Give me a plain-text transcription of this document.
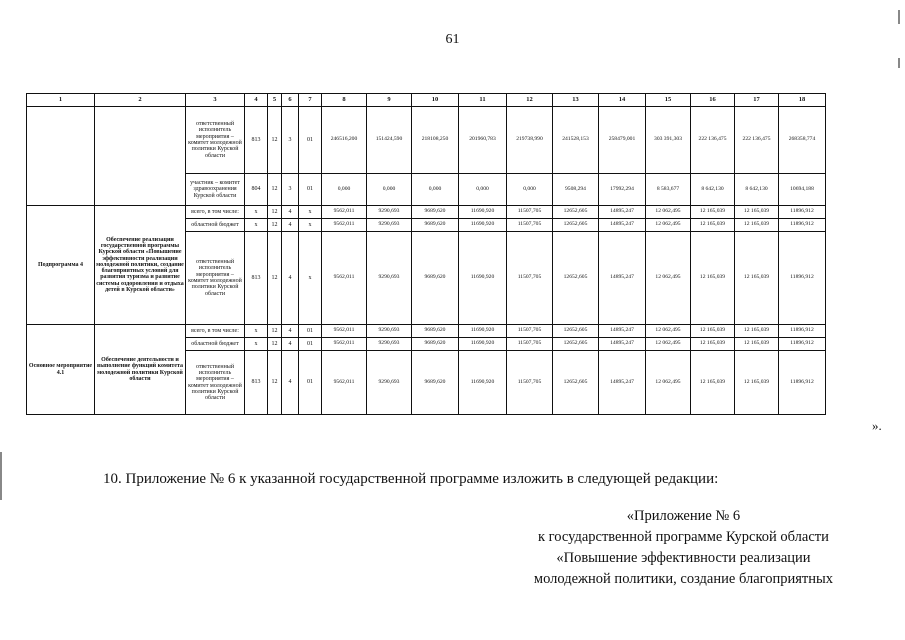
61
1	2	3	4	5	6	7	8	9	10	11	12	13	14	15	16	17	18
		ответственный исполнитель мероприятия – комитет молодежной политики Курской области	813	12	3	01	246516,200	151424,590	218108,250	201960,783	219738,990	241528,153	258479,001	303 391,303	222 136,475	222 136,475	268358,774
		участник – комитет здравоохранения Курской области	804	12	3	01	0,000	0,000	0,000	0,000	0,000	9508,294	17992,294	8 583,677	8 642,130	8 642,130	10694,188
Подпрограмма 4	Обеспечение реализации государственной программы Курской области «Повышение эффективности реализации молодежной политики, создание благоприятных условий для развития туризма и развитие системы оздоровления и отдыха детей в Курской области»	всего, в том числе:	x	12	4	x	9562,011	9290,693	9689,620	11690,920	11507,705	12652,605	14895,247	12 062,495	12 165,039	12 165,039	11896,912
		областной бюджет	x	12	4	x	9562,011	9290,693	9689,620	11690,920	11507,705	12652,605	14895,247	12 062,495	12 165,039	12 165,039	11896,912
		ответственный исполнитель мероприятия – комитет молодежной политики Курской области	813	12	4	x	9562,011	9290,693	9689,620	11690,920	11507,705	12652,605	14895,247	12 062,495	12 165,039	12 165,039	11896,912
Основное мероприятие 4.1	Обеспечение деятельности и выполнение функций комитета молодежной политики Курской области	всего, в том числе:	x	12	4	01	9562,011	9290,693	9689,620	11690,920	11507,705	12652,605	14895,247	12 062,495	12 165,039	12 165,039	11896,912
		областной бюджет	x	12	4	01	9562,011	9290,693	9689,620	11690,920	11507,705	12652,605	14895,247	12 062,495	12 165,039	12 165,039	11896,912
		ответственный исполнитель мероприятия – комитет молодежной политики Курской области	813	12	4	01	9562,011	9290,693	9689,620	11690,920	11507,705	12652,605	14895,247	12 062,495	12 165,039	12 165,039	11896,912
».
10. Приложение № 6 к указанной государственной программе изложить в следующей редакции:
«Приложение № 6
к государственной программе Курской области
«Повышение эффективности реализации
молодежной политики, создание благоприятных
